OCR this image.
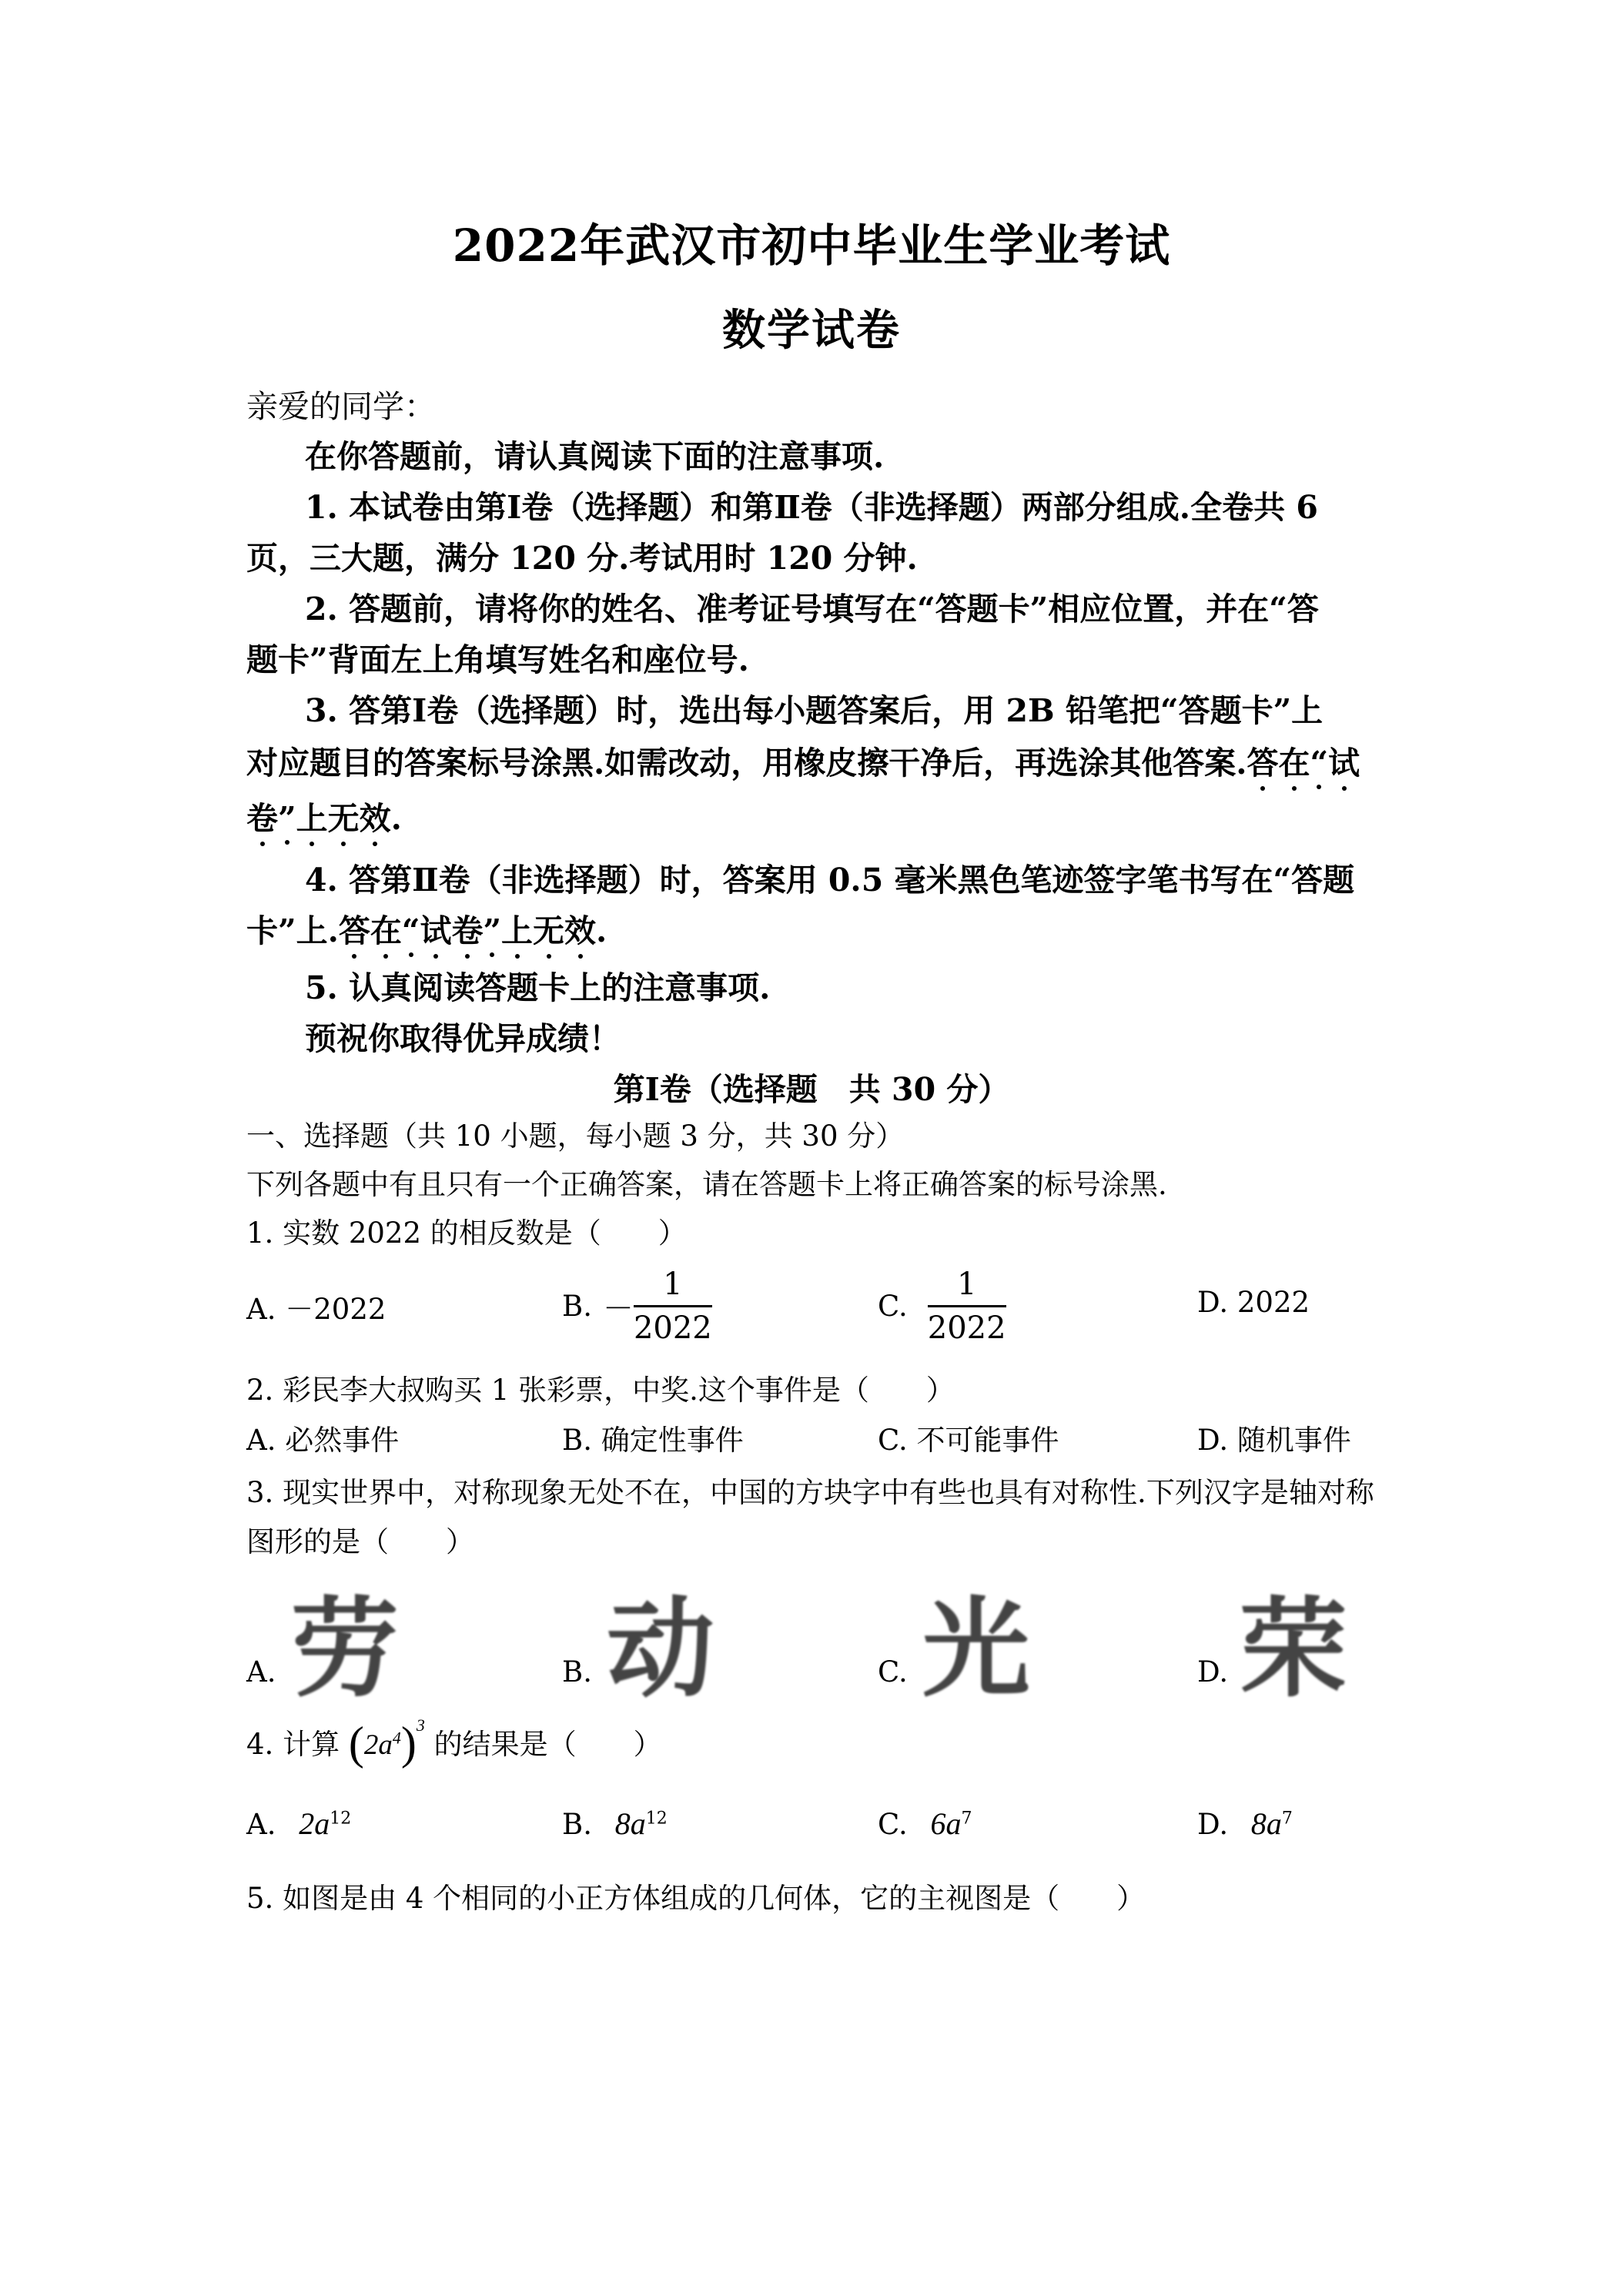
2022年武汉市初中毕业生学业考试
数学试卷
亲爱的同学：
在你答题前，请认真阅读下面的注意事项.
1. 本试卷由第Ⅰ卷（选择题）和第Ⅱ卷（非选择题）两部分组成.全卷共 6
页，三大题，满分 120 分.考试用时 120 分钟.
2. 答题前，请将你的姓名、准考证号填写在“答题卡”相应位置，并在“答
题卡”背面左上角填写姓名和座位号.
3. 答第Ⅰ卷（选择题）时，选出每小题答案后，用 2B 铅笔把“答题卡”上
对应题目的答案标号涂黑.如需改动，用橡皮擦干净后，再选涂其他答案.答在“试
卷”上无效.
4. 答第Ⅱ卷（非选择题）时，答案用 0.5 毫米黑色笔迹签字笔书写在“答题
卡”上.答在“试卷”上无效.
5. 认真阅读答题卡上的注意事项.
预祝你取得优异成绩！
第Ⅰ卷（选择题　共 30 分）
一、选择题（共 10 小题，每小题 3 分，共 30 分）
下列各题中有且只有一个正确答案，请在答题卡上将正确答案的标号涂黑.
1. 实数 2022 的相反数是（　　）
A. －2022	B. － $\frac{1}{2022}$	C. $\frac{1}{2022}$	D. 2022
2. 彩民李大叔购买 1 张彩票，中奖.这个事件是（　　）
A. 必然事件	B. 确定性事件	C. 不可能事件	D. 随机事件
3. 现实世界中，对称现象无处不在，中国的方块字中有些也具有对称性.下列汉字是轴对称
图形的是（　　）
A. 劳	B. 动	C. 光	D. 荣
4. 计算 $(2a^4)^3$ 的结果是（　　）
A. $2a^{12}$	B. $8a^{12}$	C. $6a^7$	D. $8a^7$
5. 如图是由 4 个相同的小正方体组成的几何体，它的主视图是（　　）
